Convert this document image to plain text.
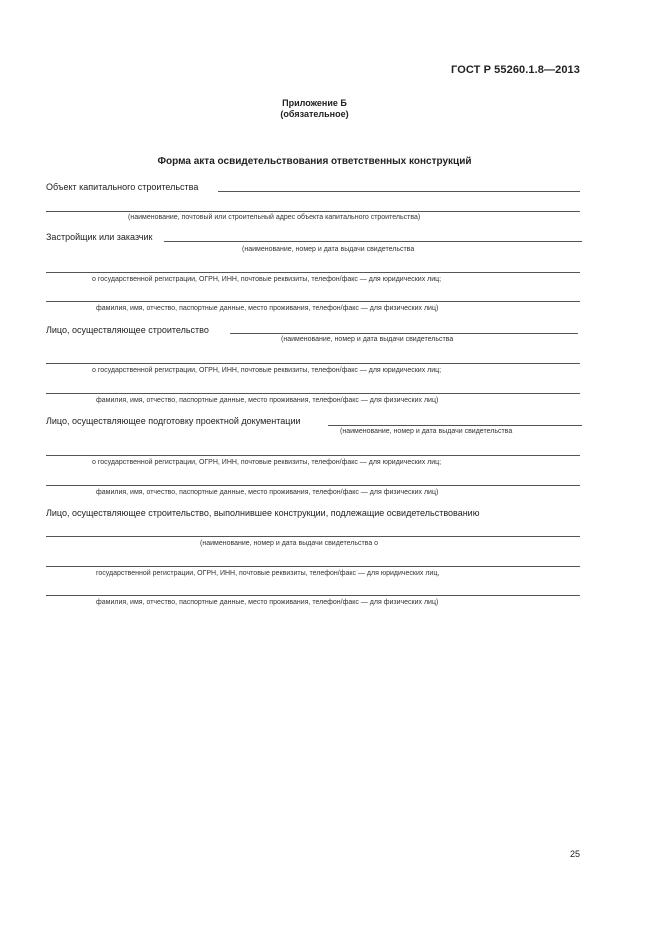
ГОСТ Р 55260.1.8—2013
Приложение Б
(обязательное)
Форма акта освидетельствования ответственных конструкций
Объект капитального строительства
(наименование, почтовый или строительный адрес объекта капитального строительства)
Застройщик или заказчик
(наименование, номер и дата выдачи свидетельства
о государственной регистрации, ОГРН, ИНН, почтовые реквизиты, телефон/факс — для юридических лиц;
фамилия, имя, отчество, паспортные данные, место проживания, телефон/факс — для физических лиц)
Лицо, осуществляющее строительство
(наименование, номер и дата выдачи свидетельства
о государственной регистрации, ОГРН, ИНН, почтовые реквизиты, телефон/факс — для юридических лиц;
фамилия, имя, отчество, паспортные данные, место проживания, телефон/факс — для физических лиц)
Лицо, осуществляющее подготовку проектной документации
(наименование, номер и дата выдачи свидетельства
о государственной регистрации, ОГРН, ИНН, почтовые реквизиты, телефон/факс — для юридических лиц;
фамилия, имя, отчество, паспортные данные, место проживания, телефон/факс — для физических лиц)
Лицо, осуществляющее строительство, выполнившее конструкции, подлежащие освидетельствованию
(наименование, номер и дата выдачи свидетельства о
государственной регистрации, ОГРН, ИНН, почтовые реквизиты, телефон/факс — для юридических лиц,
фамилия, имя, отчество, паспортные данные, место проживания, телефон/факс — для физических лиц)
25
